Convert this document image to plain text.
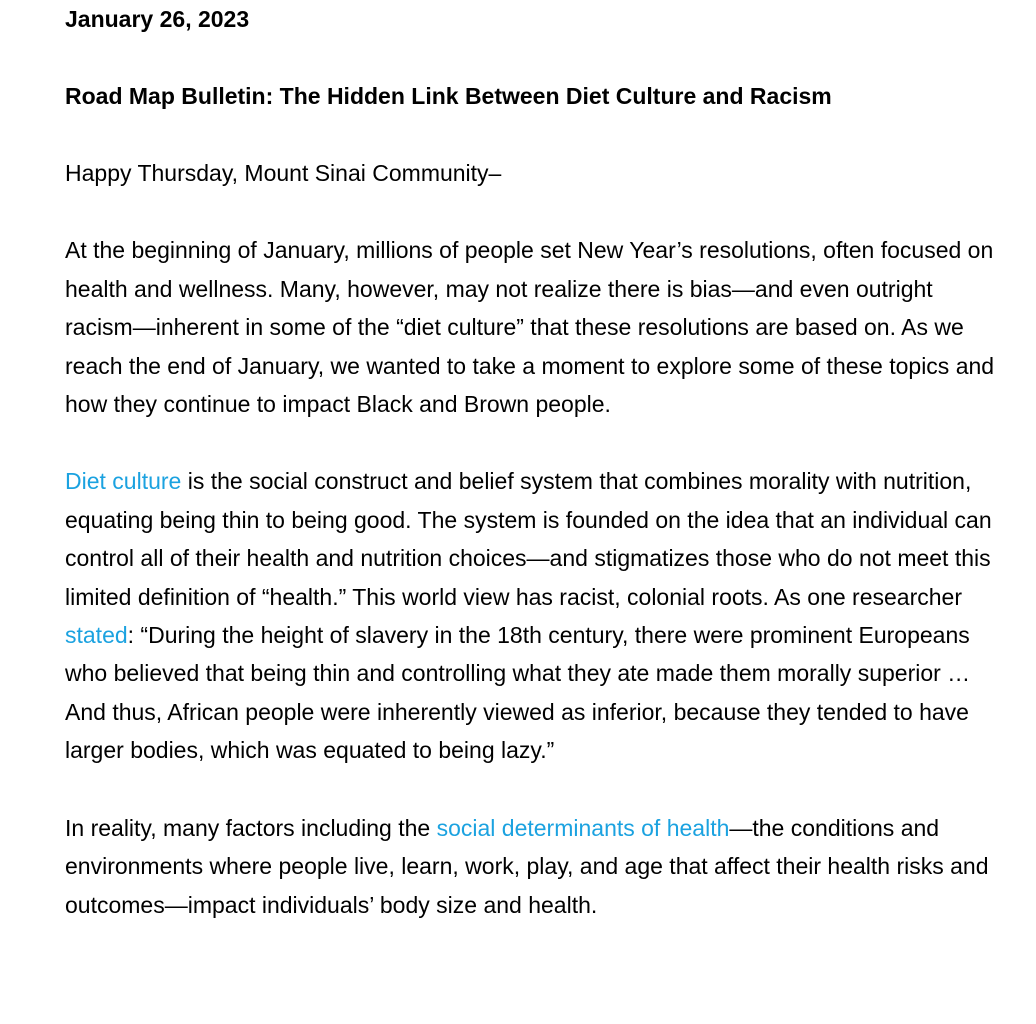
January 26, 2023

Road Map Bulletin: The Hidden Link Between Diet Culture and Racism

Happy Thursday, Mount Sinai Community–

At the beginning of January, millions of people set New Year’s resolutions, often focused on health and wellness. Many, however, may not realize there is bias—and even outright racism—inherent in some of the “diet culture” that these resolutions are based on. As we reach the end of January, we wanted to take a moment to explore some of these topics and how they continue to impact Black and Brown people.

Diet culture is the social construct and belief system that combines morality with nutrition, equating being thin to being good. The system is founded on the idea that an individual can control all of their health and nutrition choices—and stigmatizes those who do not meet this limited definition of “health.” This world view has racist, colonial roots. As one researcher stated: “During the height of slavery in the 18th century, there were prominent Europeans who believed that being thin and controlling what they ate made them morally superior … And thus, African people were inherently viewed as inferior, because they tended to have larger bodies, which was equated to being lazy.”

In reality, many factors including the social determinants of health—the conditions and environments where people live, learn, work, play, and age that affect their health risks and outcomes—impact individuals’ body size and health.
